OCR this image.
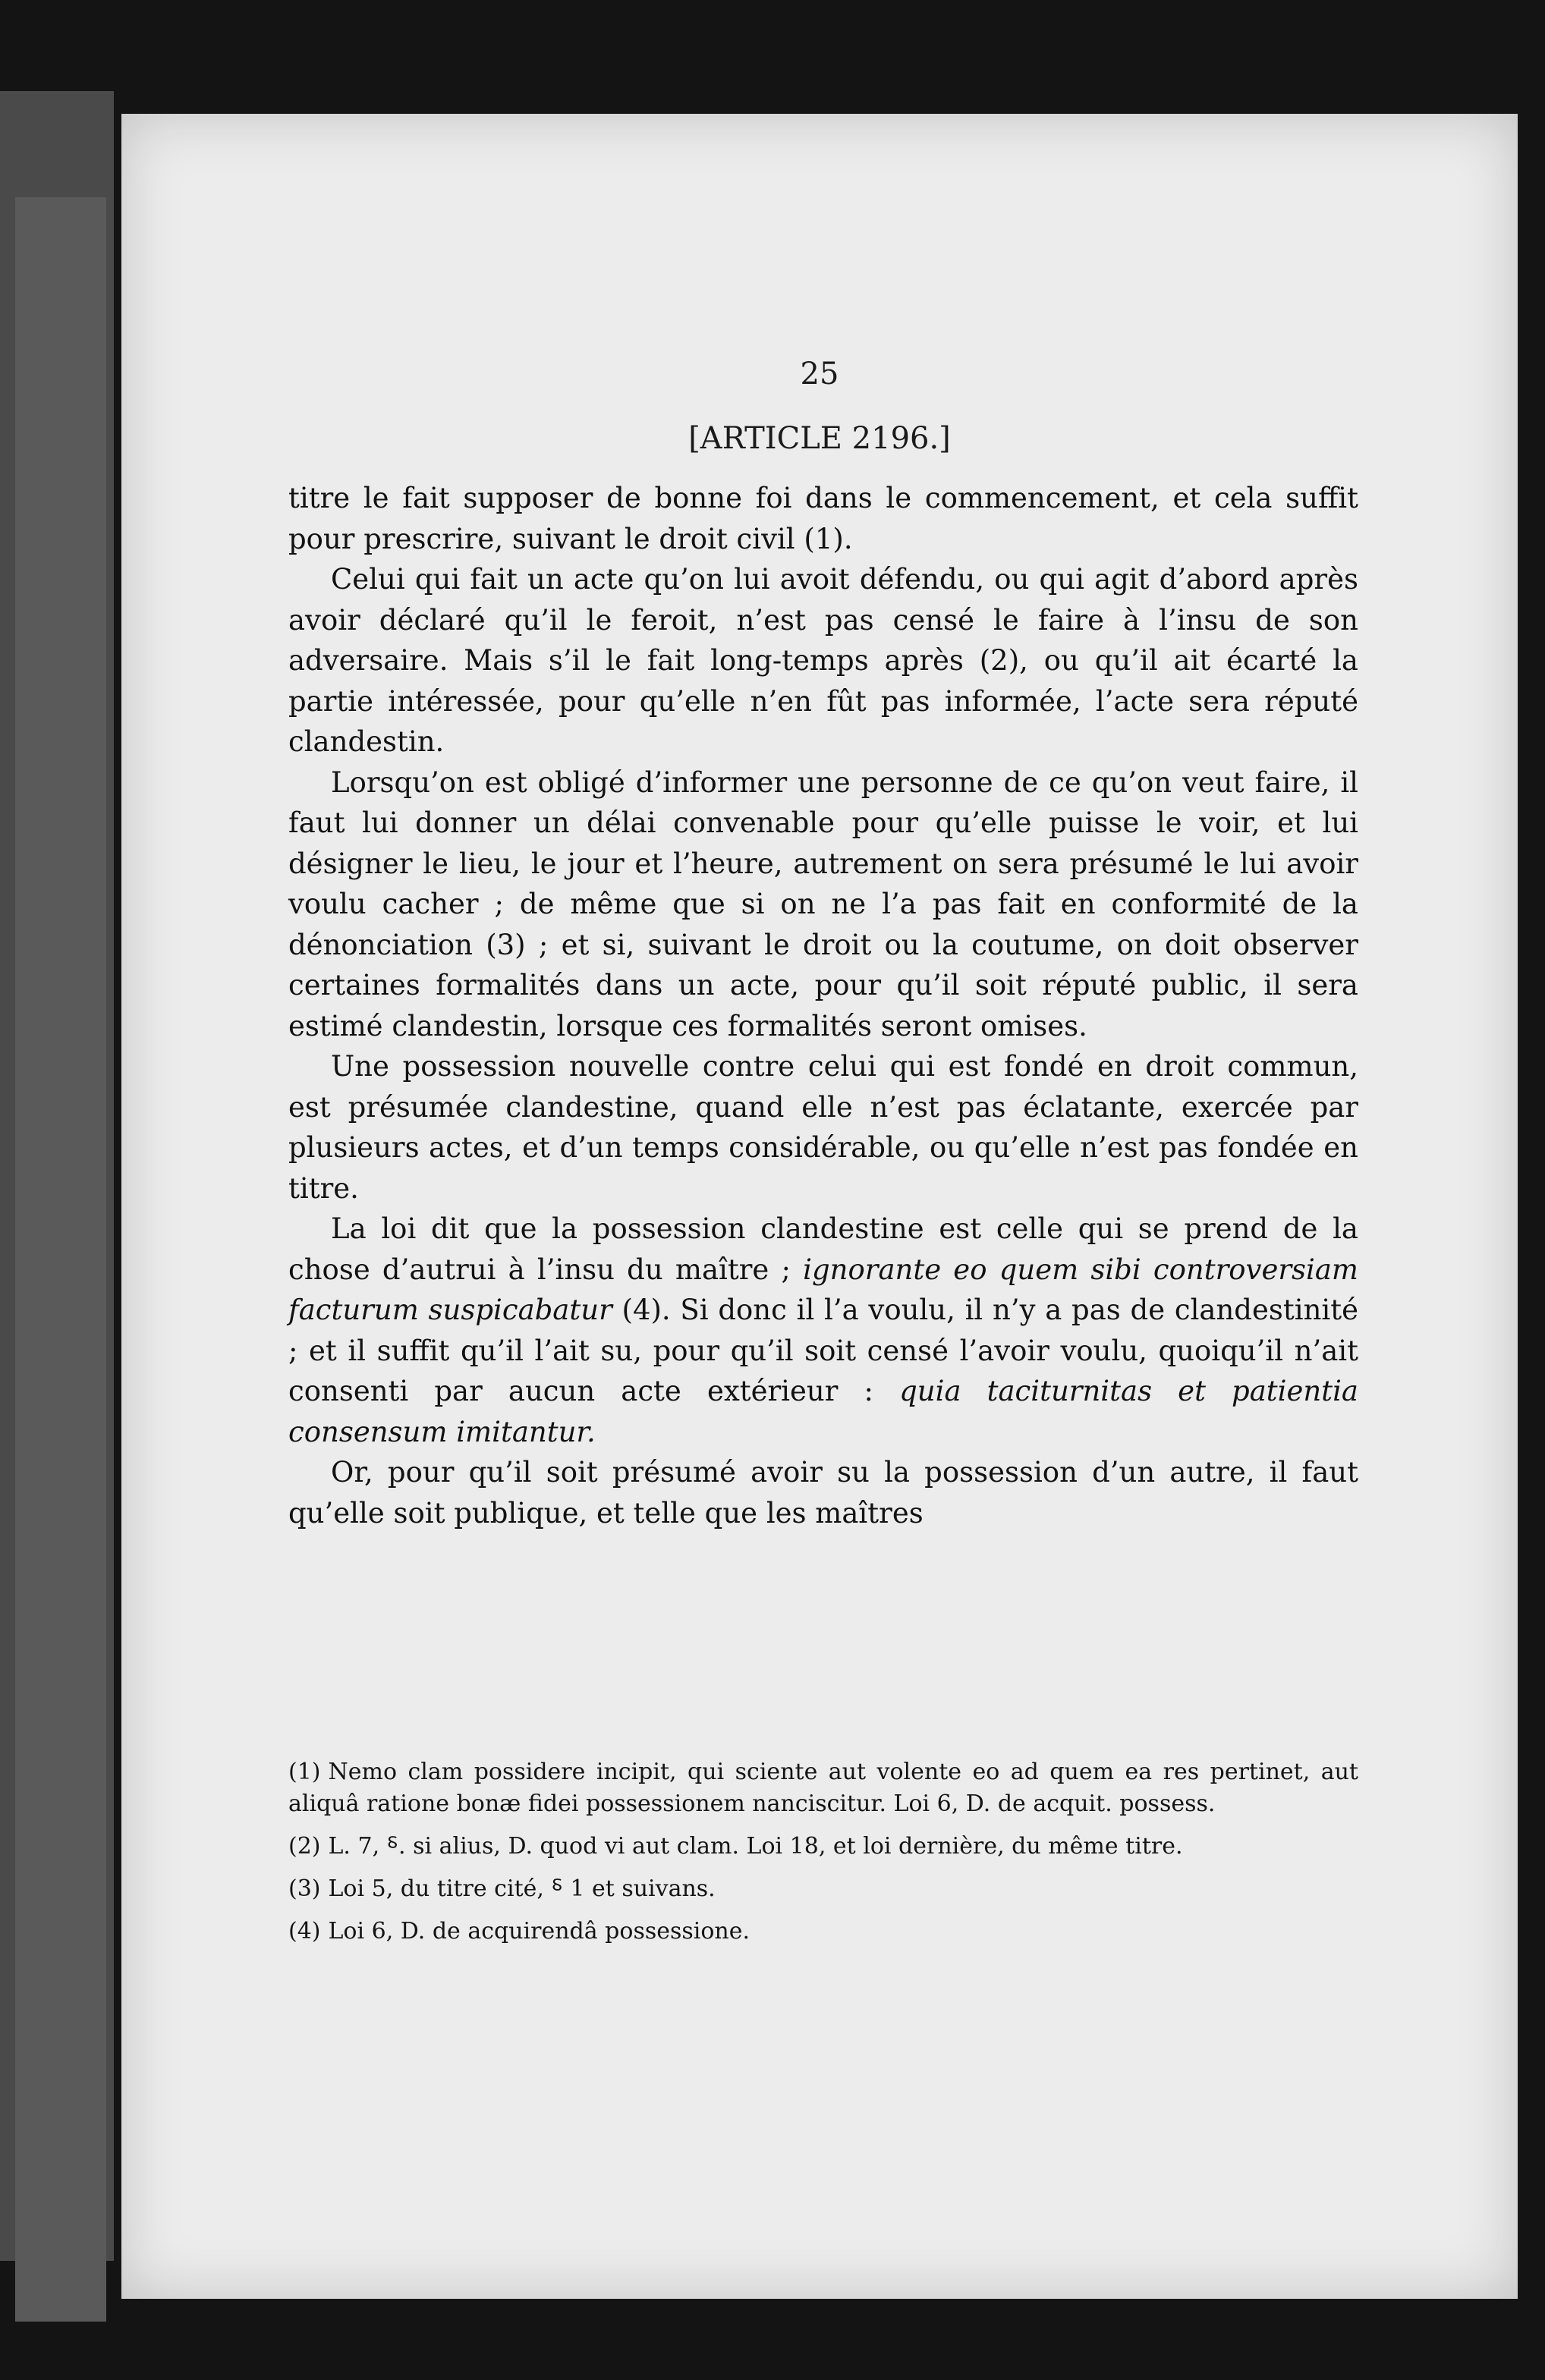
25
[ARTICLE 2196.]

titre le fait supposer de bonne foi dans le commencement, et cela suffit pour prescrire, suivant le droit civil (1).

Celui qui fait un acte qu’on lui avoit défendu, ou qui agit d’abord après avoir déclaré qu’il le feroit, n’est pas censé le faire à l’insu de son adversaire. Mais s’il le fait long-temps après (2), ou qu’il ait écarté la partie intéressée, pour qu’elle n’en fût pas informée, l’acte sera réputé clandestin.

Lorsqu’on est obligé d’informer une personne de ce qu’on veut faire, il faut lui donner un délai convenable pour qu’elle puisse le voir, et lui désigner le lieu, le jour et l’heure, autrement on sera présumé le lui avoir voulu cacher ; de même que si on ne l’a pas fait en conformité de la dénonciation (3) ; et si, suivant le droit ou la coutume, on doit observer certaines formalités dans un acte, pour qu’il soit réputé public, il sera estimé clandestin, lorsque ces formalités seront omises.

Une possession nouvelle contre celui qui est fondé en droit commun, est présumée clandestine, quand elle n’est pas éclatante, exercée par plusieurs actes, et d’un temps considérable, ou qu’elle n’est pas fondée en titre.

La loi dit que la possession clandestine est celle qui se prend de la chose d’autrui à l’insu du maître ; ignorante eo quem sibi controversiam facturum suspicabatur (4). Si donc il l’a voulu, il n’y a pas de clandestinité ; et il suffit qu’il l’ait su, pour qu’il soit censé l’avoir voulu, quoiqu’il n’ait consenti par aucun acte extérieur : quia taciturnitas et patientia consensum imitantur.

Or, pour qu’il soit présumé avoir su la possession d’un autre, il faut qu’elle soit publique, et telle que les maîtres

(1) Nemo clam possidere incipit, qui sciente aut volente eo ad quem ea res pertinet, aut aliquâ ratione bonæ fidei possessionem nanciscitur. Loi 6, D. de acquit. possess.

(2) L. 7, ⸹. si alius, D. quod vi aut clam. Loi 18, et loi dernière, du même titre.

(3) Loi 5, du titre cité, ⸹ 1 et suivans.

(4) Loi 6, D. de acquirendâ possessione.
